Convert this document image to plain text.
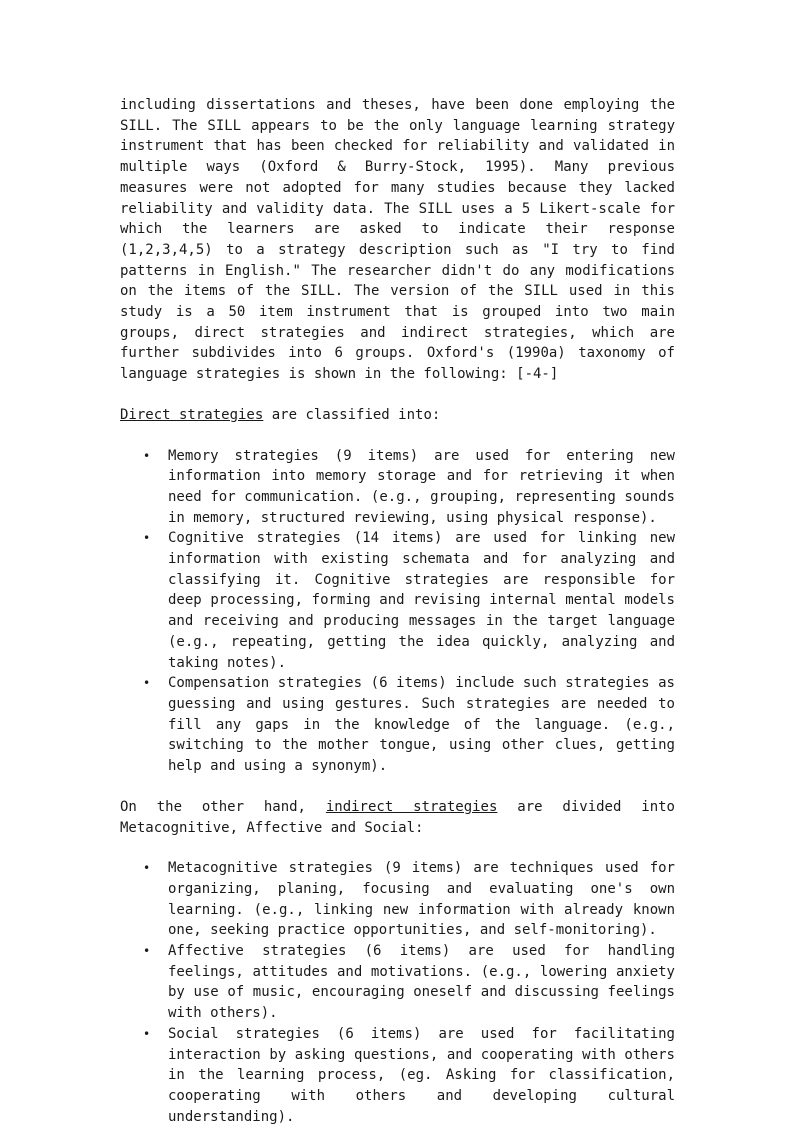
including dissertations and theses, have been done employing the SILL. The SILL appears to be the only language learning strategy instrument that has been checked for reliability and validated in multiple ways (Oxford & Burry-Stock, 1995). Many previous measures were not adopted for many studies because they lacked reliability and validity data. The SILL uses a 5 Likert-scale for which the learners are asked to indicate their response (1,2,3,4,5) to a strategy description such as "I try to find patterns in English." The researcher didn't do any modifications on the items of the SILL. The version of the SILL used in this study is a 50 item instrument that is grouped into two main groups, direct strategies and indirect strategies, which are further subdivides into 6 groups. Oxford's (1990a) taxonomy of language strategies is shown in the following: [-4-]

Direct strategies are classified into:

• Memory strategies (9 items) are used for entering new information into memory storage and for retrieving it when need for communication. (e.g., grouping, representing sounds in memory, structured reviewing, using physical response).
• Cognitive strategies (14 items) are used for linking new information with existing schemata and for analyzing and classifying it. Cognitive strategies are responsible for deep processing, forming and revising internal mental models and receiving and producing messages in the target language (e.g., repeating, getting the idea quickly, analyzing and taking notes).
• Compensation strategies (6 items) include such strategies as guessing and using gestures. Such strategies are needed to fill any gaps in the knowledge of the language. (e.g., switching to the mother tongue, using other clues, getting help and using a synonym).

On the other hand, indirect strategies are divided into Metacognitive, Affective and Social:

• Metacognitive strategies (9 items) are techniques used for organizing, planing, focusing and evaluating one's own learning. (e.g., linking new information with already known one, seeking practice opportunities, and self-monitoring).
• Affective strategies (6 items) are used for handling feelings, attitudes and motivations. (e.g., lowering anxiety by use of music, encouraging oneself and discussing feelings with others).
• Social strategies (6 items) are used for facilitating interaction by asking questions, and cooperating with others in the learning process, (eg. Asking for classification, cooperating with others and developing cultural understanding).
